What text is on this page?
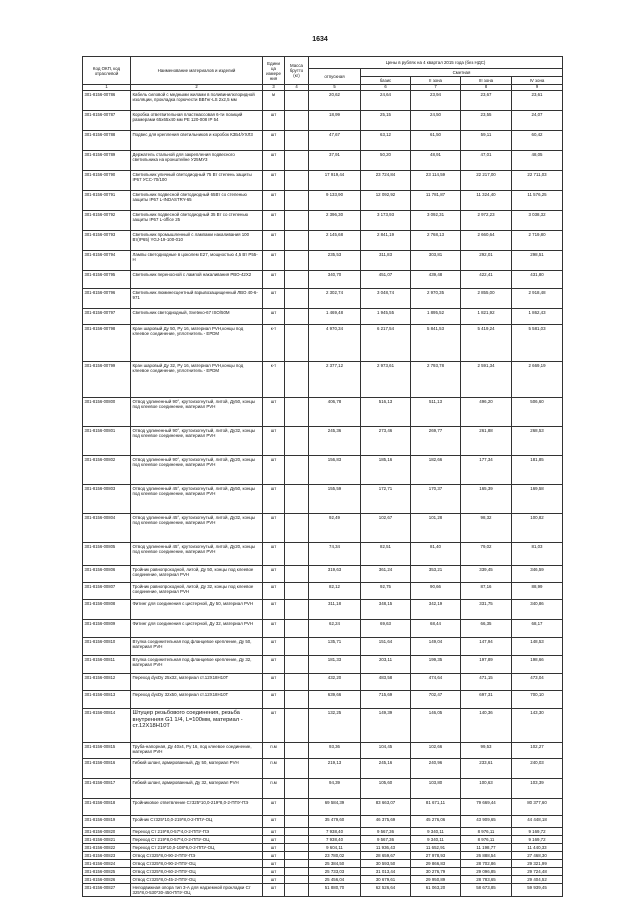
1634
Код ОКП, код отраслевой	Наименование материалов и изделий	Едини ца измере ния	Масса брутто (кг)	Цены в рублях на 4 квартал 2015 года (без НДС)				
				отпускная	Сметная			
					базис	II зона	III зона	IV зона
1	2	3	4	5	6	7	8	9
301-8156-00786	Кабель силовой с медными жилами в поливинилхлоридной изоляции, прокладка горючести ВВГнг-LS 2х2,5 мм	м		20,62	24,64	23,94	23,67	23,61
301-8156-00787	Коробка ответвительная пластмассовая 6-ти позиций размерами 65х65х40 мм РЕ 120-008 IP 54	шт		18,99	25,15	24,50	23,55	24,07
301-8156-00788	Подвес для крепления светильников и коробок КЗБ4/УХЛ3	шт		47,67	63,12	61,50	59,11	60,42
301-8156-00789	Держатель стальной для закрепления подвесного светильника на кронштейне У25МУ3	шт		37,91	50,20	48,91	47,01	48,05
301-8156-00790	Светильник уличный светодиодный 75 Вт степень защиты IP67 УСС-70/100	шт		17 919,44	23 724,84	23 114,59	22 217,00	22 711,03
301-8156-00791	Светильник подвесной светодиодный 65Вт со степенью защиты IP67 L-INDASTRY-65	шт		9 133,90	12 092,92	11 781,87	11 324,40	11 576,25
301-8156-00792	Светильник подвесной светодиодный 35 Вт со степенью защиты IP67 L-office 25	шт		2 396,30	3 173,93	3 092,31	2 972,23	3 038,32
301-8156-00793	Светильник промышленный с лампами накаливания 100 Вт(IP65) YGJ-19-100-010	шт		2 145,68	2 841,19	2 768,13	2 660,64	2 719,80
301-8156-00794	Лампы светодиодные в цоколем Е27, мощностью 4,5 Вт Р55-Н	шт		235,53	311,83	303,81	292,01	298,51
301-8156-00795	Светильник переносной с лампой накаливания РВО-42Х2	шт		340,70	451,07	439,48	422,41	431,80
301-8156-00796	Светильник люминесцентный взрывозащищенный ЛВО 40-6-971	шт		2 302,74	3 048,74	2 970,35	2 855,00	2 918,48
301-8156-00797	Светильник светодиодный, Svetеко-67 ISO/50M	шт		1 469,48	1 945,55	1 895,52	1 821,92	1 862,43
301-8156-00798	Кран шаровый Ду 50, Ру 16, материал PVH,концы под клеевое соединение, уплотнитель - EPDM	к-т		4 970,34	6 217,54	5 841,53	5 419,24	5 581,03
301-8156-00799	Кран шаровый Ду 32, Ру 16, материал PVH,концы под клеевое соединение, уплотнитель - EPDM	к-т		2 377,12	2 973,61	2 793,78	2 591,34	2 669,19
301-8156-00800	Отвод удлиненный 90°, крутоизогнутый, литой, Ду50, концы под клеевое соединение, материал PVH	шт		406,78	516,13	511,13	496,20	506,60
301-8156-00801	Отвод удлиненный 90°, крутоизогнутый, литой, Ду32, концы под клеевое соединение, материал PVH	шт		245,36	273,46	269,77	261,88	268,53
301-8156-00802	Отвод удлиненный 90°, крутоизогнутый, литой, Ду20, концы под клеевое соединение, материал PVH	шт		156,83	185,16	182,66	177,34	181,85
301-8156-00803	Отвод удлиненный 45°, крутоизогнутый, литой, Ду50, концы под клеевое соединение, материал PVH	шт		155,59	172,71	170,37	165,39	169,58
301-8156-00804	Отвод удлиненный 45°, крутоизогнутый, литой, Ду32, концы под клеевое соединение, материал PVH	шт		92,49	102,67	101,28	98,32	100,82
301-8156-00805	Отвод удлиненный 45°, крутоизогнутый, литой, Ду20, концы под клеевое соединение, материал PVH	шт		74,34	82,51	81,40	79,02	81,03
301-8156-00806	Тройник равнопроходной, литой, Ду 50, концы под клеевое соединение, материал PVH	шт		319,63	361,24	353,21	339,45	346,59
301-8156-00807	Тройник равнопроходной, литой, Ду 32, концы под клеевое соединение, материал PVH	шт		82,12	92,75	90,66	87,16	88,99
301-8156-00808	Фитинг для соединения с цистерной, Ду 50, материал PVH	шт		311,18	348,15	342,19	331,75	340,86
301-8156-00809	Фитинг для соединения с цистерной, Ду 32, материал PVH	шт		62,24	69,63	68,44	66,35	68,17
301-8156-00810	Втулка соединительная под фланцевое крепление, Ду 50, материал PVH	шт		135,71	151,64	149,04	147,94	148,53
301-8156-00811	Втулка соединительная под фланцевое крепление, Ду 32, материал PVH	шт		181,33	203,11	199,35	197,89	198,66
301-8156-00812	Переход dyxDy 25x32, материал ст.12Х18Н10Т	шт		432,20	483,58	474,64	471,15	473,04
301-8156-00813	Переход dyxDy 32x50, материал ст.12Х18Н10Т	шт		639,66	715,69	702,47	697,31	700,10
301-8156-00814	Штуцер резьбового соединения, резьба внутренняя G1 1/4, L=100мм, материал - ст.12Х18Н10Т	шт		132,25	149,39	146,05	140,36	143,30
301-8156-00815	Труба-напорная, Ду 40х4, Ру 16, под клеевое соединение, материал PVH	п.м		93,36	104,45	102,66	99,53	102,27
301-8156-00816	Гибкий шланг, армированный, Ду 50, материал PVH	п.м		219,13	245,16	240,96	233,61	240,03
301-8156-00817	Гибкий шланг, армированный, Ду 32, материал PVH	п.м		94,39	105,60	103,80	100,63	103,39
301-8156-00818	Тройниковое ответвление Ст325*10,0-219*8,0-2-ППУ-ПЭ	шт		69 584,39	83 663,07	81 671,11	79 669,44	80 377,60
301-8156-00819	Тройник Ст325*10,0-219*8,0-2-ППУ-ОЦ	шт		35 479,60	46 375,69	45 276,06	43 909,65	44 448,18
301-8156-00820	Переход Ст 219*8,0-57*4,0-2-ППУ-ПЭ	шт		7 938,40	9 567,36	9 340,11	8 976,11	9 169,72
301-8156-00821	Переход Ст 219*8,0-57*4,0-2-ППУ-ОЦ	шт		7 938,40	9 567,36	9 340,11	8 976,11	9 169,72
301-8156-00822	Переход Ст 219*10,0-108*6,0-2-ППУ-ОЦ	шт		9 604,11	11 936,43	11 652,91	11 198,77	11 440,33
301-8156-00823	Отвод Ст325*8,0-90-2-ППУ-ПЭ	шт		23 780,02	28 659,67	27 978,93	26 888,54	27 468,30
301-8156-00824	Отвод Ст325*8,0-90-2-ППУ-ОЦ	шт		25 384,50	30 593,50	29 866,83	28 702,86	29 321,99
301-8156-00825	Отвод Ст325*8,0-60-2-ППУ-ОЦ	шт		25 733,03	31 013,44	30 276,79	29 096,85	29 724,48
301-8156-00826	Отвод Ст325*8,0-45-2-ППУ-ОЦ	шт		25 456,04	30 679,61	29 950,89	28 783,65	29 404,52
301-8156-00827	Неподвижная опора тип 3-А для надземной прокладки Ст 325*8,0-530*30-450-ППУ-ОЦ	шт		51 880,70	62 526,64	61 063,20	58 673,85	59 939,45
